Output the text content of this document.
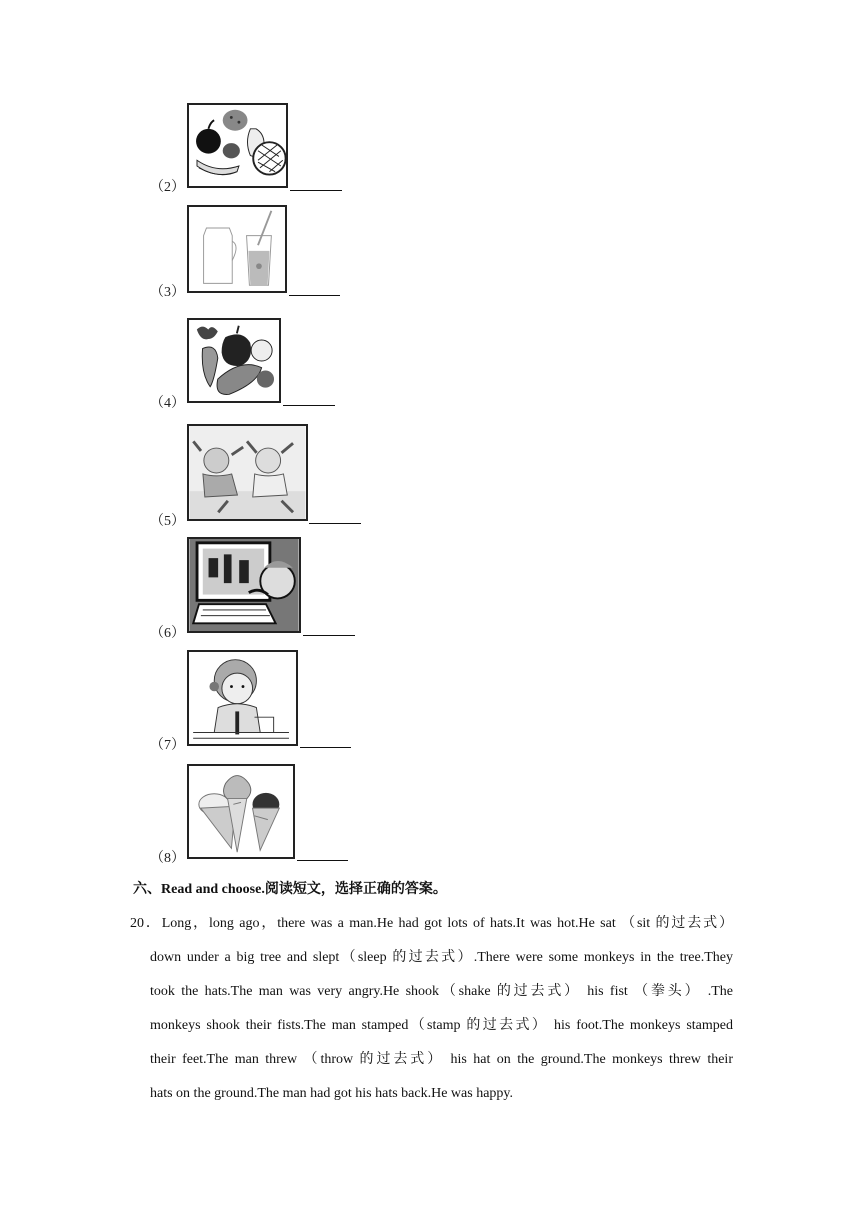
（2）
（3）
（4）
（5）
（6）
（7）
（8）
六、Read and choose.阅读短文，选择正确的答案。
20．Long，long ago，there was a man.He had got lots of hats.It was hot.He sat （sit 的过去式）
down under a big tree and slept（sleep 的过去式）.There were some monkeys in the tree.They
took the hats.The man was very angry.He shook（shake 的过去式） his fist （拳头） .The
monkeys shook their fists.The man stamped（stamp 的过去式） his foot.The monkeys stamped
their feet.The man threw （throw 的过去式） his hat on the ground.The monkeys threw their
hats on the ground.The man had got his hats back.He was happy.
